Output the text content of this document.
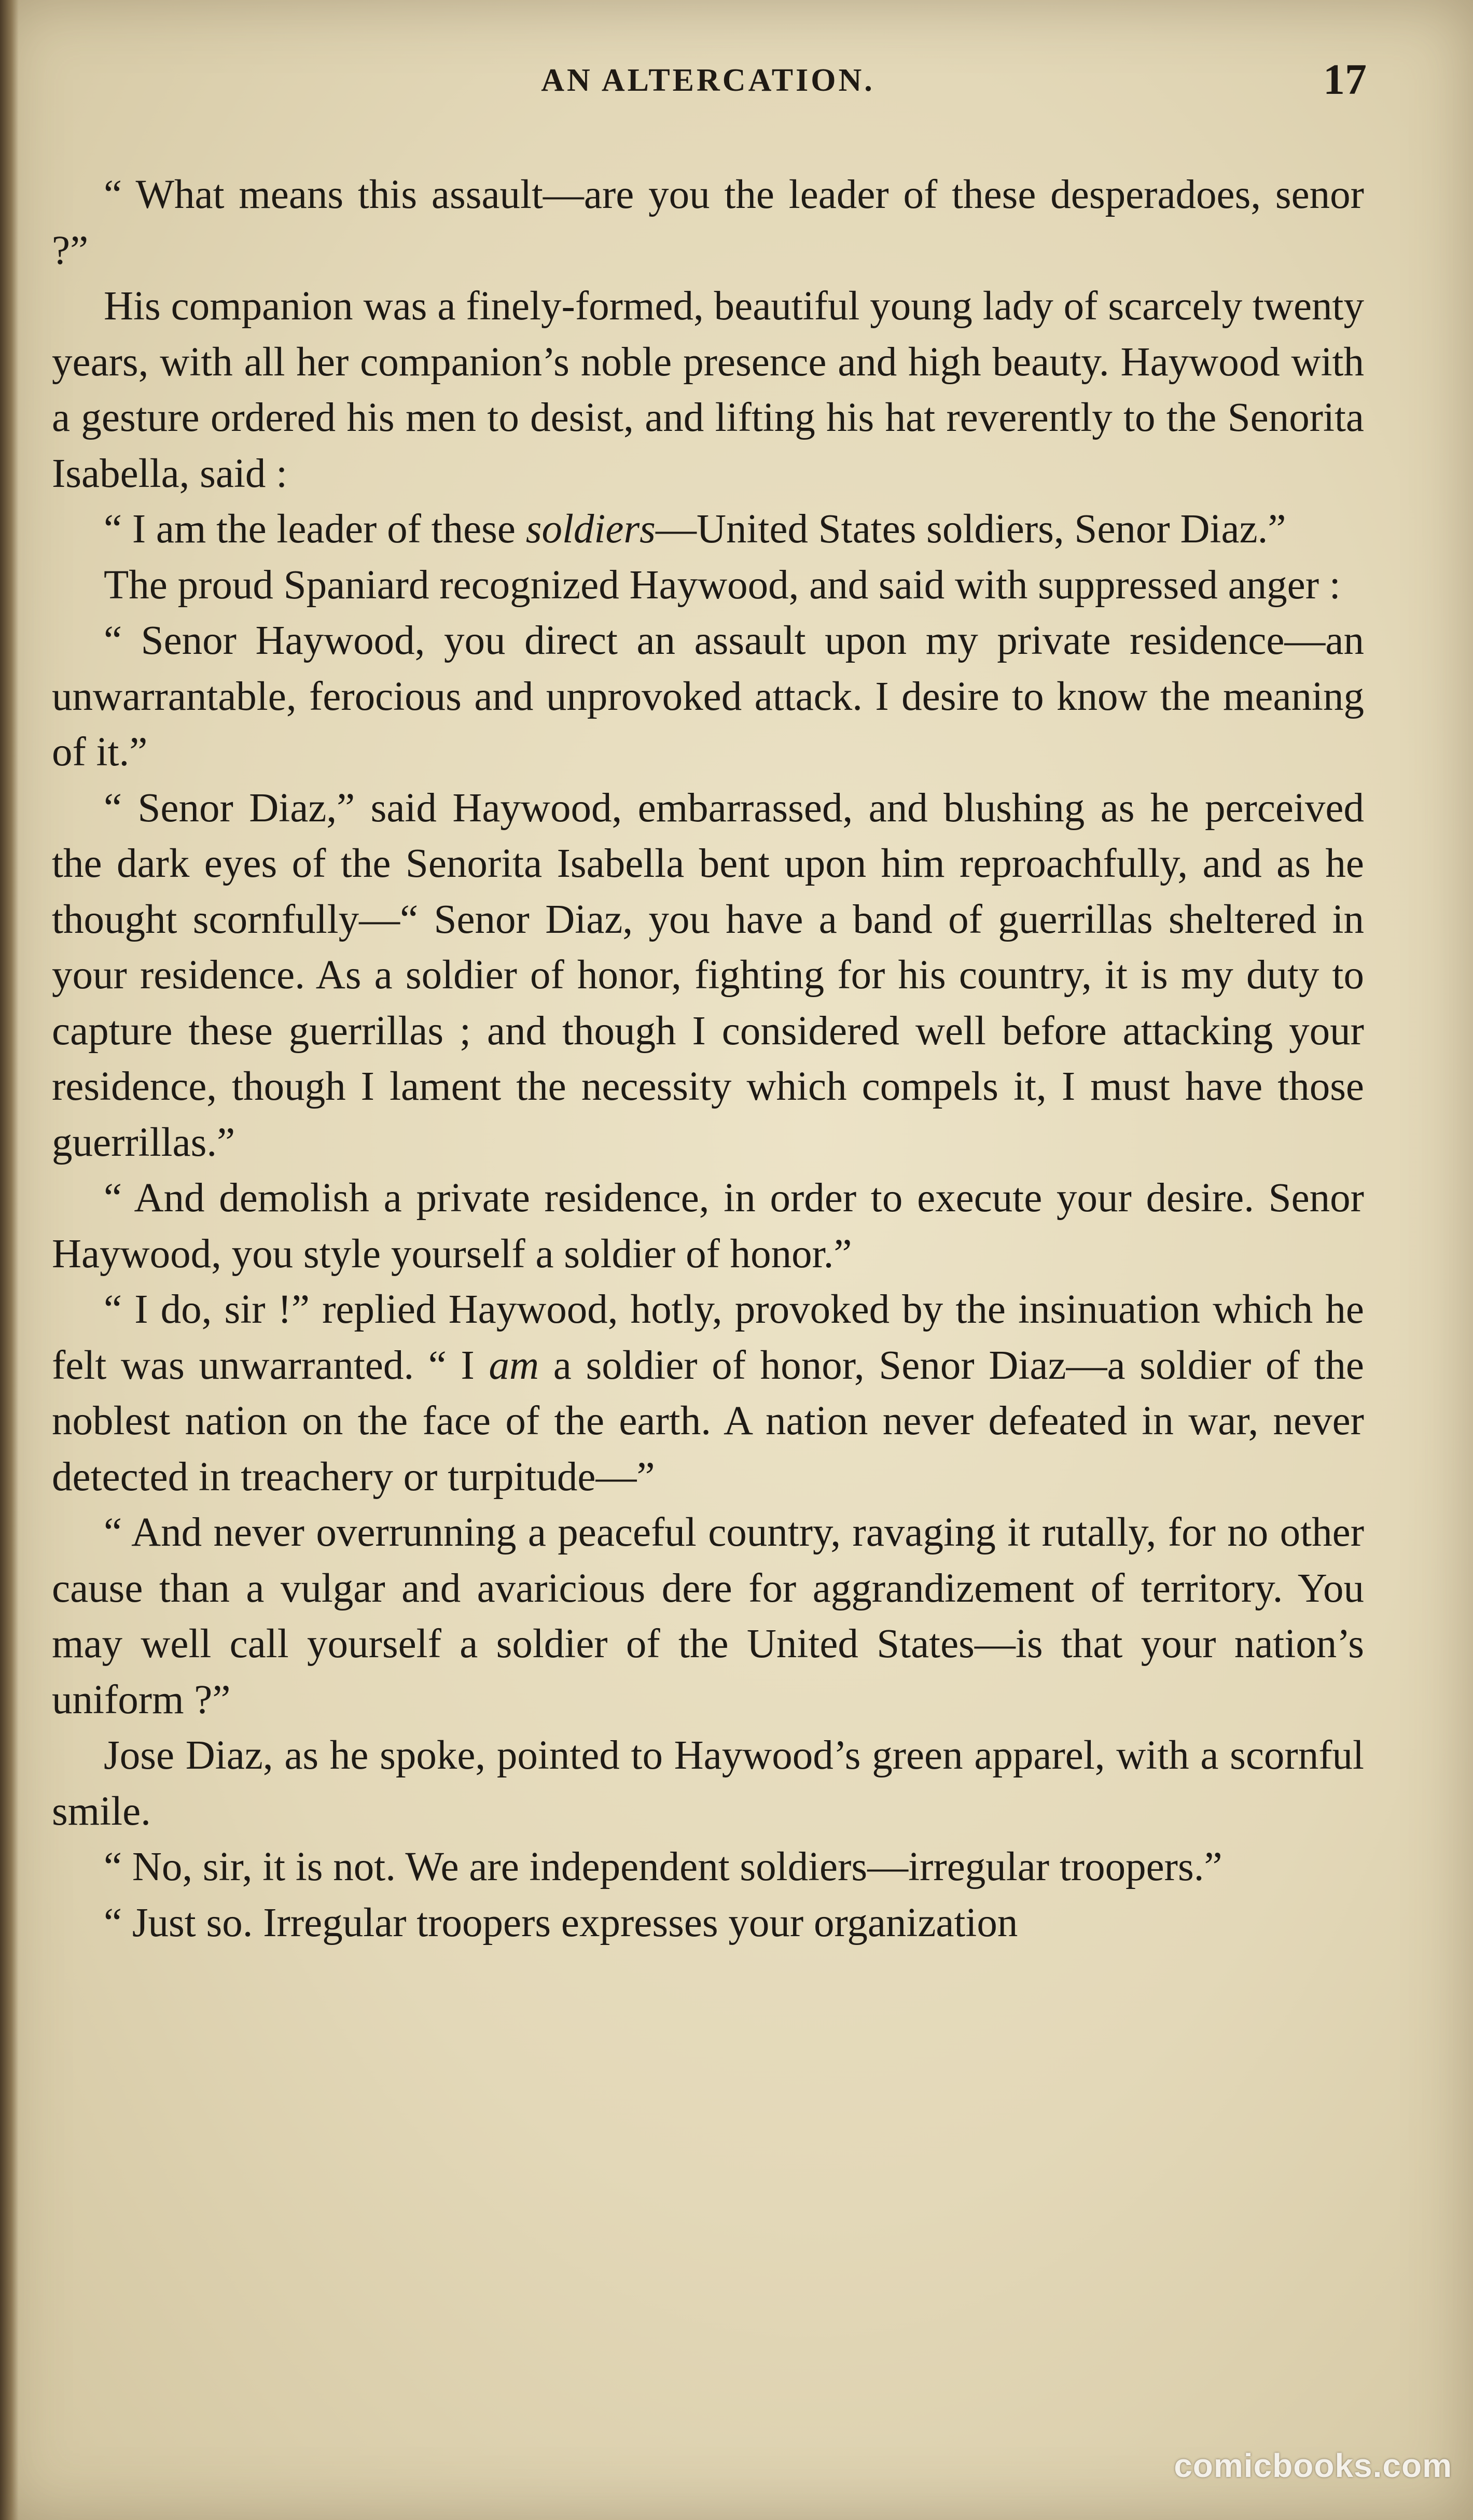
AN ALTERCATION.	17

“ What means this assault—are you the leader of these desperadoes, senor ?”

His companion was a finely-formed, beautiful young lady of scarcely twenty years, with all her companion’s noble presence and high beauty. Haywood with a gesture ordered his men to desist, and lifting his hat reverently to the Senorita Isabella, said :

“ I am the leader of these soldiers—United States soldiers, Senor Diaz.”

The proud Spaniard recognized Haywood, and said with suppressed anger :

“ Senor Haywood, you direct an assault upon my private residence—an unwarrantable, ferocious and unprovoked attack. I desire to know the meaning of it.”

“ Senor Diaz,” said Haywood, embarrassed, and blushing as he perceived the dark eyes of the Senorita Isabella bent upon him reproachfully, and as he thought scornfully—“ Senor Diaz, you have a band of guerrillas sheltered in your residence. As a soldier of honor, fighting for his country, it is my duty to capture these guerrillas ; and though I considered well before attacking your residence, though I lament the necessity which compels it, I must have those guerrillas.”

“ And demolish a private residence, in order to execute your desire. Senor Haywood, you style yourself a soldier of honor.”

“ I do, sir !” replied Haywood, hotly, provoked by the insinuation which he felt was unwarranted. “ I am a soldier of honor, Senor Diaz—a soldier of the noblest nation on the face of the earth. A nation never defeated in war, never detected in treachery or turpitude—”

“ And never overrunning a peaceful country, ravaging it rutally, for no other cause than a vulgar and avaricious dere for aggrandizement of territory. You may well call yourself a soldier of the United States—is that your nation’s uniform ?”

Jose Diaz, as he spoke, pointed to Haywood’s green apparel, with a scornful smile.

“ No, sir, it is not. We are independent soldiers—irregular troopers.”

“ Just so. Irregular troopers expresses your organization

comicbooks.com
